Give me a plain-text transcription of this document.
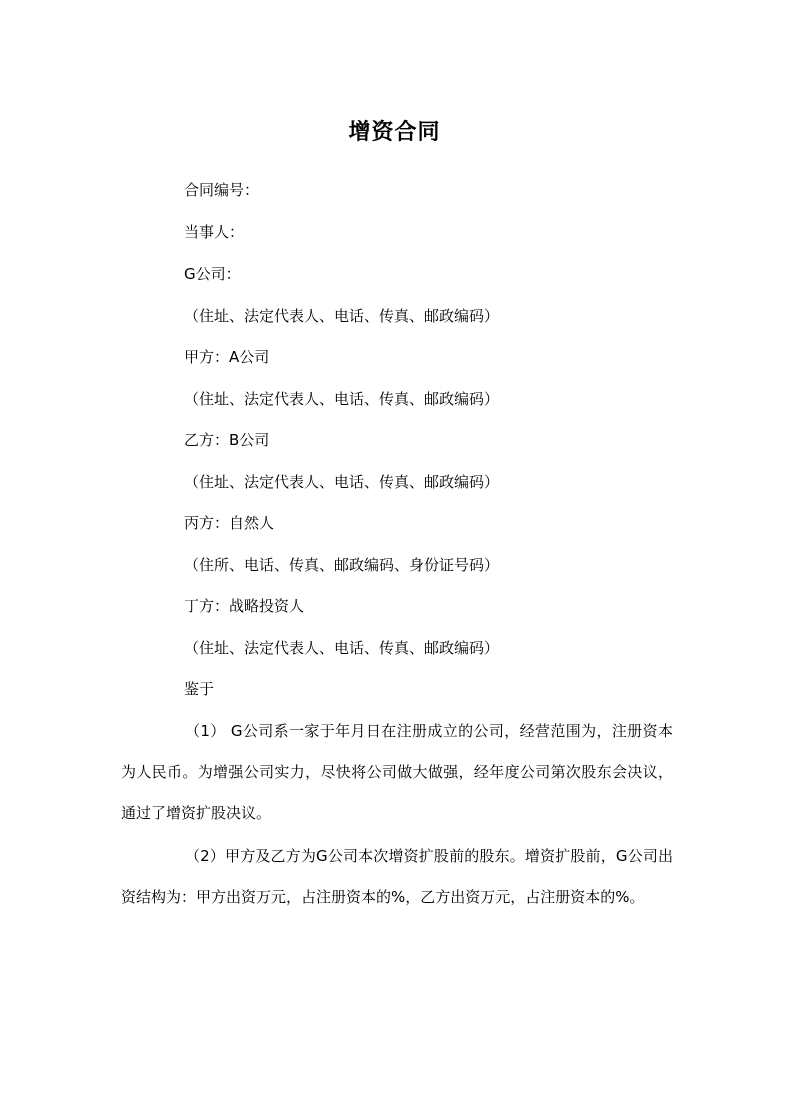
增资合同
合同编号：
当事人：
G公司：
（住址、法定代表人、电话、传真、邮政编码）
甲方：A公司
（住址、法定代表人、电话、传真、邮政编码）
乙方：B公司
（住址、法定代表人、电话、传真、邮政编码）
丙方：自然人
（住所、电话、传真、邮政编码、身份证号码）
丁方：战略投资人
（住址、法定代表人、电话、传真、邮政编码）
鉴于
（1） G公司系一家于年月日在注册成立的公司，经营范围为，注册资本为人民币。为增强公司实力，尽快将公司做大做强，经年度公司第次股东会决议，通过了增资扩股决议。
（2）甲方及乙方为G公司本次增资扩股前的股东。增资扩股前，G公司出资结构为：甲方出资万元，占注册资本的%，乙方出资万元，占注册资本的%。
